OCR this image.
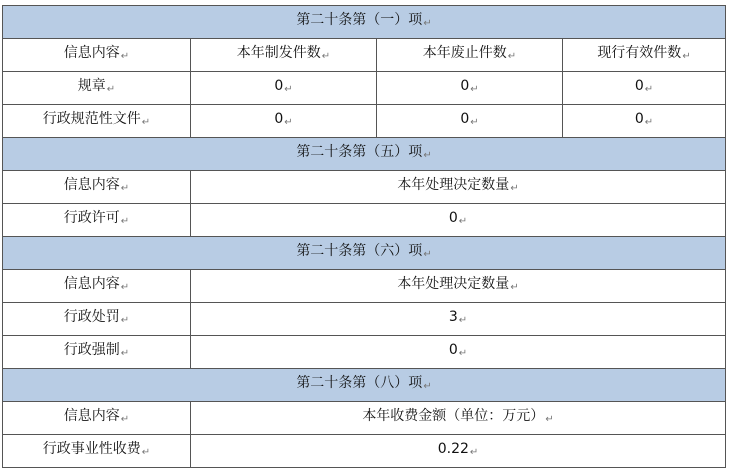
第二十条第（一）项↵			
信息内容↵	本年制发件数↵	本年废止件数↵	现行有效件数↵
规章↵	0↵	0↵	0↵
行政规范性文件↵	0↵	0↵	0↵
第二十条第（五）项↵			
信息内容↵	本年处理决定数量↵		
行政许可↵	0↵		
第二十条第（六）项↵			
信息内容↵	本年处理决定数量↵		
行政处罚↵	3↵		
行政强制↵	0↵		
第二十条第（八）项↵			
信息内容↵	本年收费金额（单位：万元）↵		
行政事业性收费↵	0.22↵		
